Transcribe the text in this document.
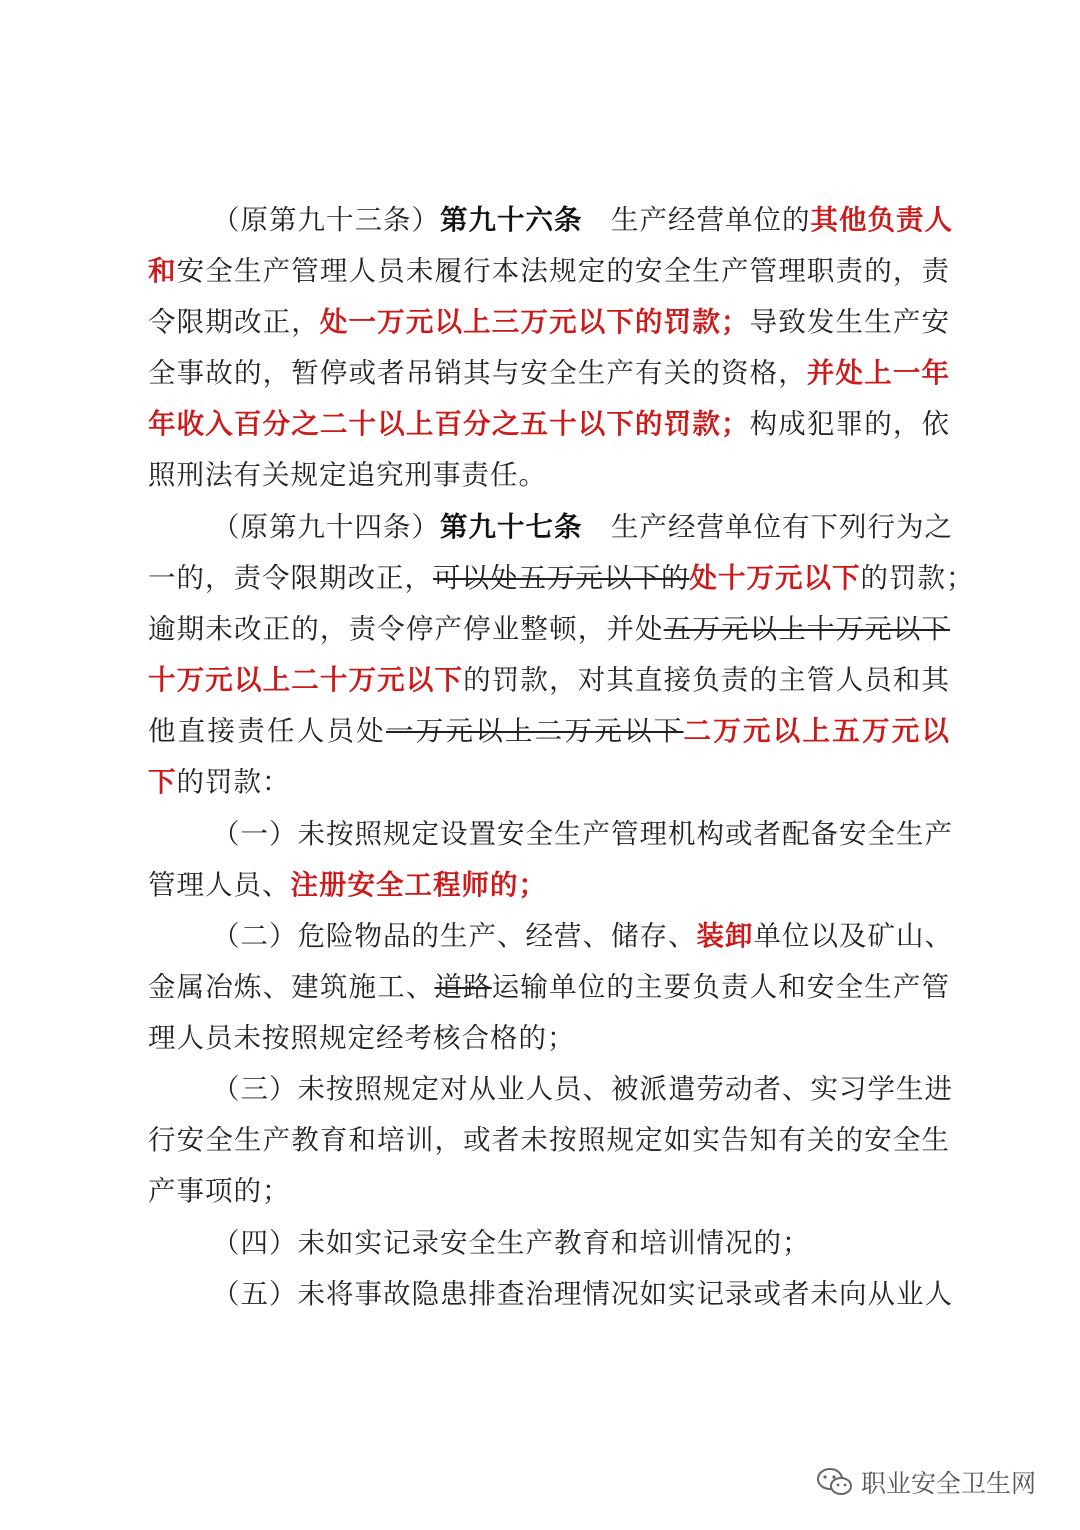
（原第九十三条）第九十六条　生产经营单位的其他负责人
和安全生产管理人员未履行本法规定的安全生产管理职责的，责
令限期改正，处一万元以上三万元以下的罚款；导致发生生产安
全事故的，暂停或者吊销其与安全生产有关的资格，并处上一年
年收入百分之二十以上百分之五十以下的罚款；构成犯罪的，依
照刑法有关规定追究刑事责任。
（原第九十四条）第九十七条　生产经营单位有下列行为之
一的，责令限期改正，可以处五万元以下的处十万元以下的罚款；
逾期未改正的，责令停产停业整顿，并处五万元以上十万元以下
十万元以上二十万元以下的罚款，对其直接负责的主管人员和其
他直接责任人员处一万元以上二万元以下二万元以上五万元以
下的罚款：
（一）未按照规定设置安全生产管理机构或者配备安全生产
管理人员、注册安全工程师的；
（二）危险物品的生产、经营、储存、装卸单位以及矿山、
金属冶炼、建筑施工、道路运输单位的主要负责人和安全生产管
理人员未按照规定经考核合格的；
（三）未按照规定对从业人员、被派遣劳动者、实习学生进
行安全生产教育和培训，或者未按照规定如实告知有关的安全生
产事项的；
（四）未如实记录安全生产教育和培训情况的；
（五）未将事故隐患排查治理情况如实记录或者未向从业人
职业安全卫生网
